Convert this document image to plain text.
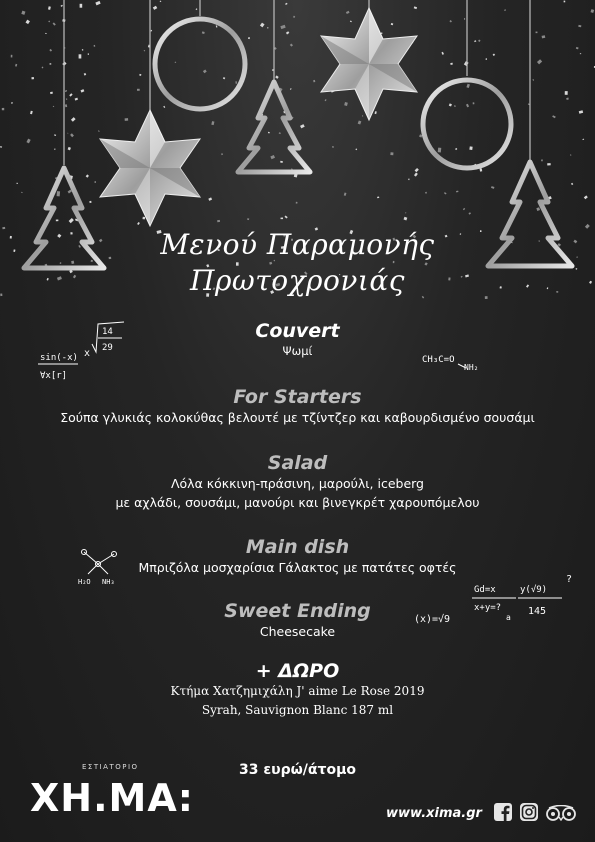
Μενού Παραμονής
Πρωτοχρονιάς
Couvert
Ψωμί
For Starters
Σούπα γλυκιάς κολοκύθας βελουτέ με τζίντζερ και καβουρδισμένο σουσάμι
Salad
Λόλα κόκκινη-πράσινη, μαρούλι, iceberg
με αχλάδι, σουσάμι, μανούρι και βινεγκρέτ χαρουπόμελου
Main dish
Μπριζόλα μοσχαρίσια Γάλακτος με πατάτες οφτές
Sweet Ending
Cheesecake
+ ΔΩΡΟ
Κτήμα Χατζημιχάλη J' aime Le Rose 2019
Syrah, Sauvignon Blanc 187 ml
33 ευρώ/άτομο
sin(-x)
∀x[r]
x
14
29
CH₃C=O
NH₂
H₂O NH₃
(x)= √9
Gd=x
x+y=?
a
y(√9)
145
?
ΕΣΤΙΑΤΟΡΙΟ
ΧΗ.ΜΑ:	www.xima.gr
